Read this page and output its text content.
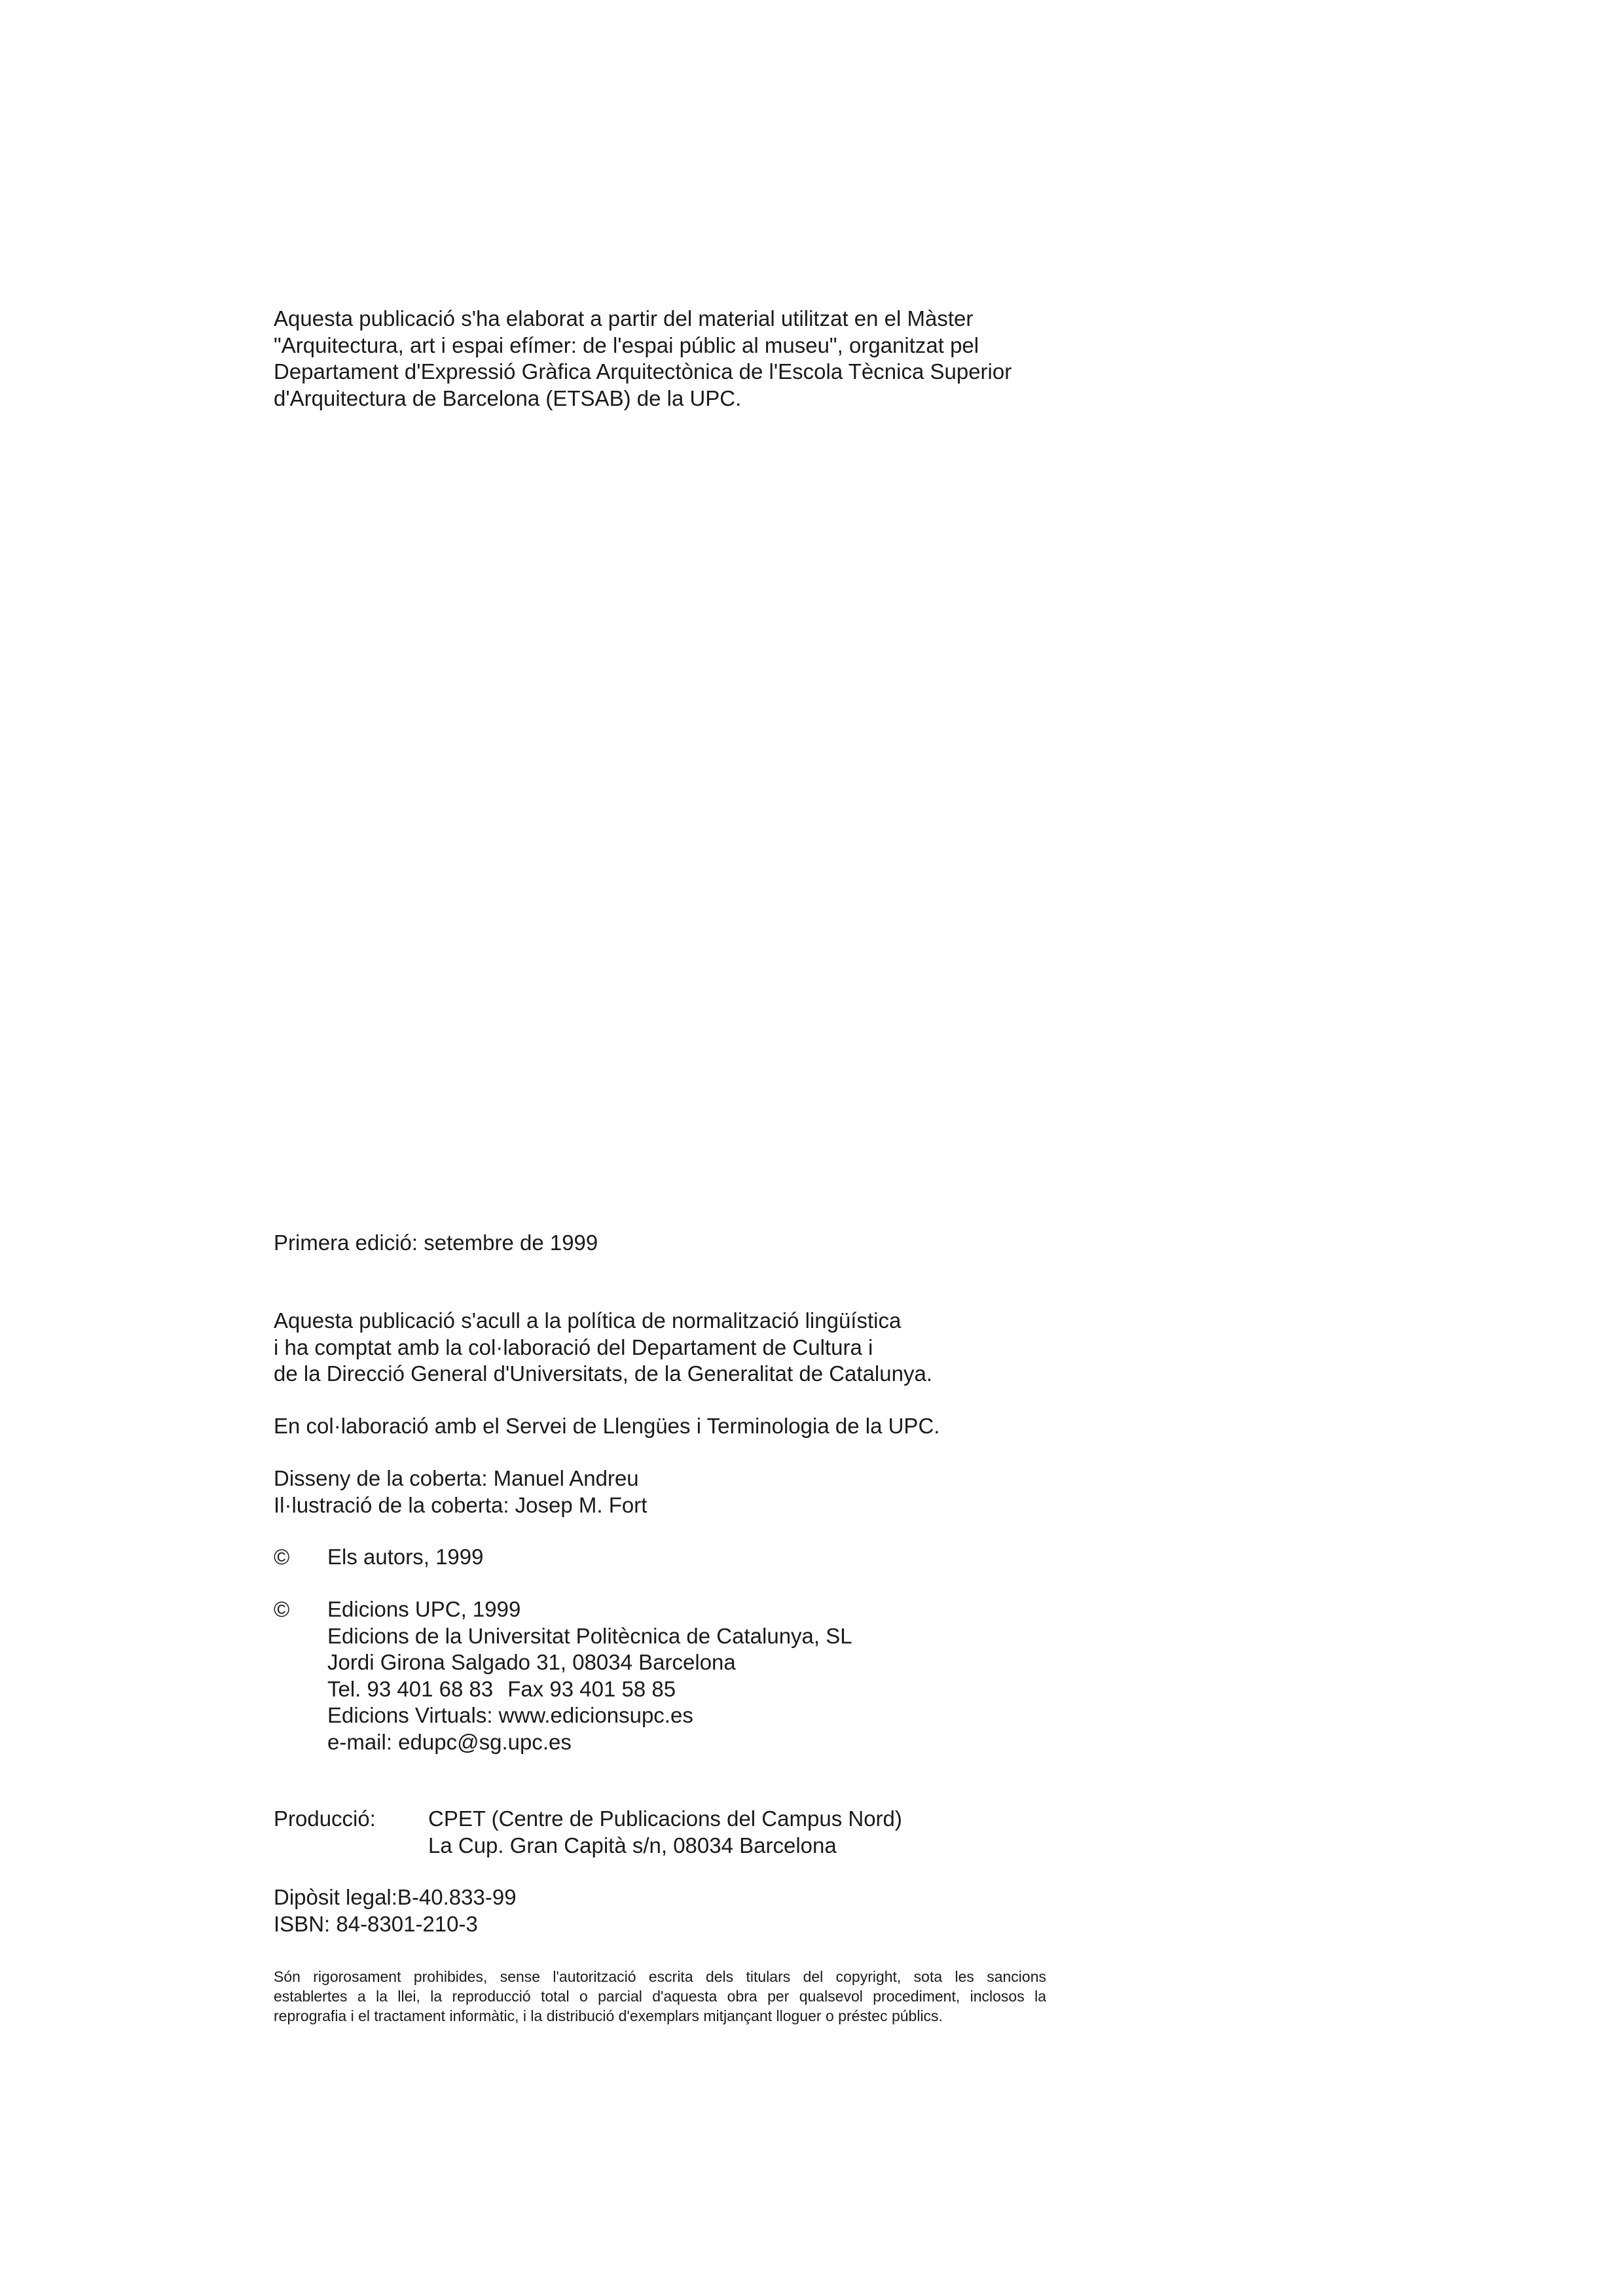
Aquesta publicació s'ha elaborat a partir del material utilitzat en el Màster
"Arquitectura, art i espai efímer: de l'espai públic al museu", organitzat pel
Departament d'Expressió Gràfica Arquitectònica de l'Escola Tècnica Superior
d'Arquitectura de Barcelona (ETSAB) de la UPC.
Primera edició: setembre de 1999
Aquesta publicació s'acull a la política de normalització lingüística
i ha comptat amb la col·laboració del Departament de Cultura i
de la Direcció General d'Universitats, de la Generalitat de Catalunya.
En col·laboració amb el Servei de Llengües i Terminologia de la UPC.
Disseny de la coberta: Manuel Andreu
Il·lustració de la coberta: Josep M. Fort
©	Els autors, 1999
©	Edicions UPC, 1999
Edicions de la Universitat Politècnica de Catalunya, SL
Jordi Girona Salgado 31, 08034 Barcelona
Tel. 93 401 68 83 Fax 93 401 58 85
Edicions Virtuals: www.edicionsupc.es
e-mail: edupc@sg.upc.es
Producció:	CPET (Centre de Publicacions del Campus Nord)
La Cup. Gran Capità s/n, 08034 Barcelona
Dipòsit legal:B-40.833-99
ISBN: 84-8301-210-3
Són rigorosament prohibides, sense l'autorització escrita dels titulars del copyright, sota les sancions
establertes a la llei, la reproducció total o parcial d'aquesta obra per qualsevol procediment, inclosos la
reprografia i el tractament informàtic, i la distribució d'exemplars mitjançant lloguer o préstec públics.
